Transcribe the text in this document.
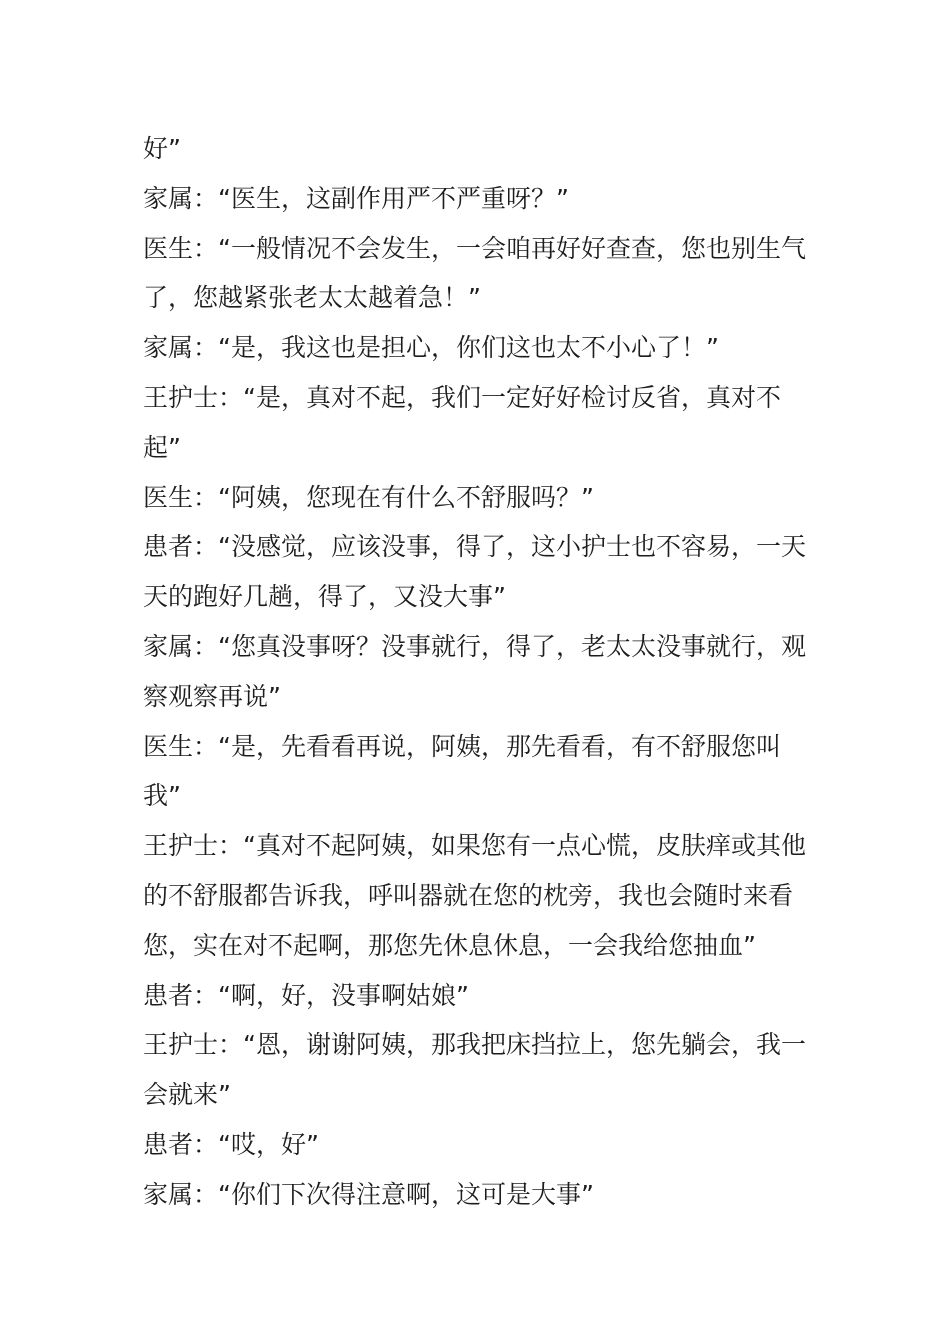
好”

家属：“医生，这副作用严不严重呀？”

医生：“一般情况不会发生，一会咱再好好查查，您也别生气了，您越紧张老太太越着急！”

家属：“是，我这也是担心，你们这也太不小心了！”

王护士：“是，真对不起，我们一定好好检讨反省，真对不起”

医生：“阿姨，您现在有什么不舒服吗？”

患者：“没感觉，应该没事，得了，这小护士也不容易，一天天的跑好几趟，得了，又没大事”

家属：“您真没事呀？没事就行，得了，老太太没事就行，观察观察再说”

医生：“是，先看看再说，阿姨，那先看看，有不舒服您叫我”

王护士：“真对不起阿姨，如果您有一点心慌，皮肤痒或其他的不舒服都告诉我，呼叫器就在您的枕旁，我也会随时来看您，实在对不起啊，那您先休息休息，一会我给您抽血”

患者：“啊，好，没事啊姑娘”

王护士：“恩，谢谢阿姨，那我把床挡拉上，您先躺会，我一会就来”

患者：“哎，好”

家属：“你们下次得注意啊，这可是大事”
